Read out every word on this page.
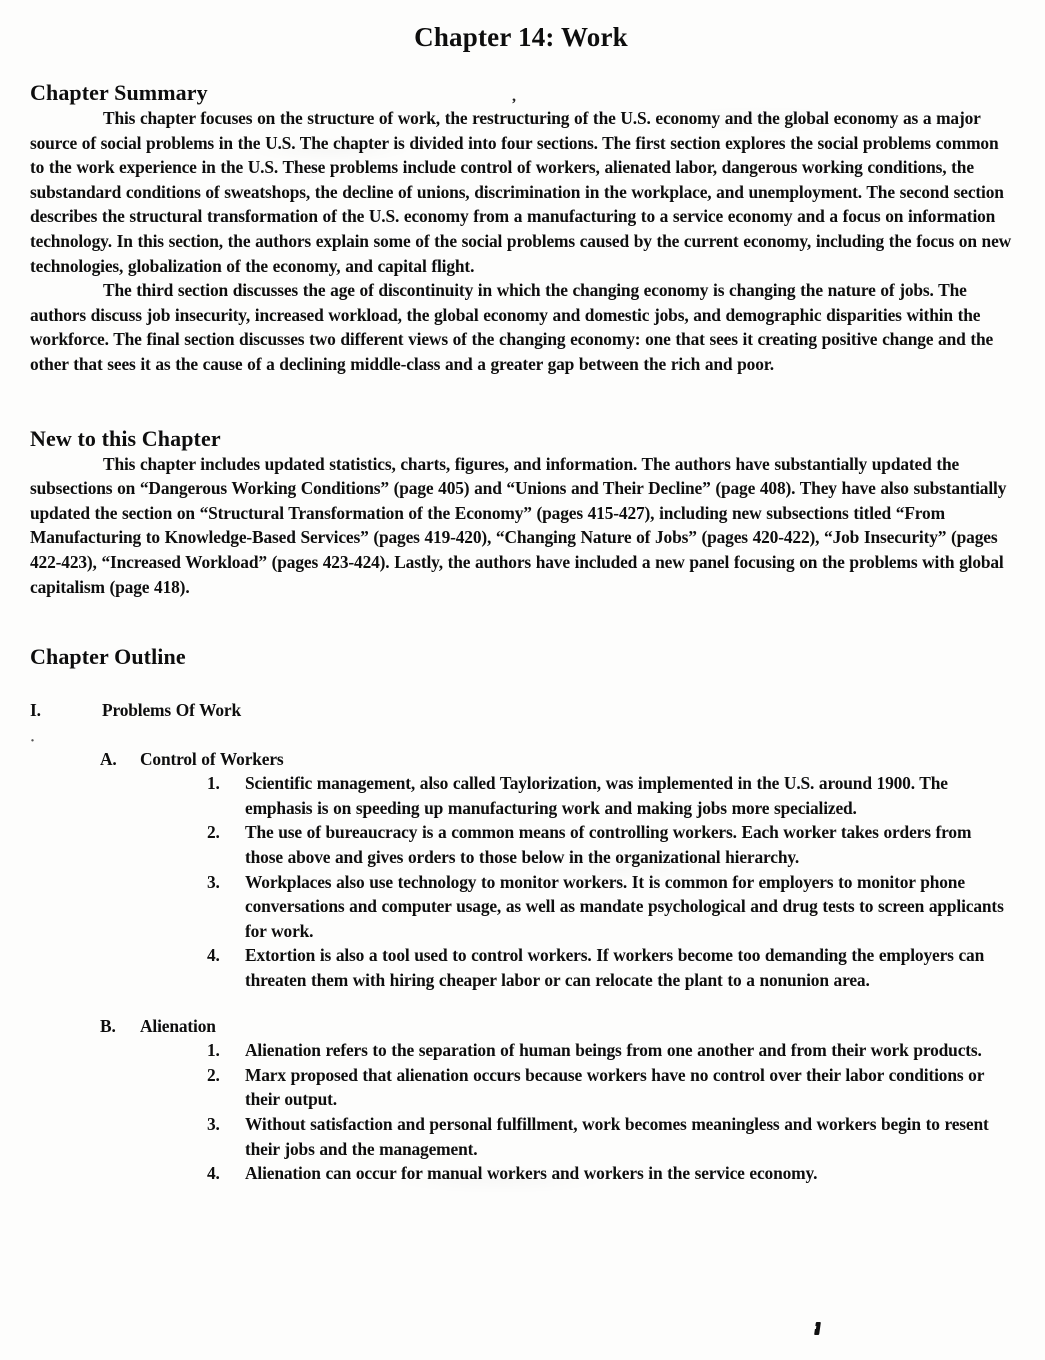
Chapter 14: Work
Chapter Summary

This chapter focuses on the structure of work, the restructuring of the U.S. economy and the global economy as a major source of social problems in the U.S. The chapter is divided into four sections. The first section explores the social problems common to the work experience in the U.S. These problems include control of workers, alienated labor, dangerous working conditions, the substandard conditions of sweatshops, the decline of unions, discrimination in the workplace, and unemployment. The second section describes the structural transformation of the U.S. economy from a manufacturing to a service economy and a focus on information technology. In this section, the authors explain some of the social problems caused by the current economy, including the focus on new technologies, globalization of the economy, and capital flight.

The third section discusses the age of discontinuity in which the changing economy is changing the nature of jobs. The authors discuss job insecurity, increased workload, the global economy and domestic jobs, and demographic disparities within the workforce. The final section discusses two different views of the changing economy: one that sees it creating positive change and the other that sees it as the cause of a declining middle-class and a greater gap between the rich and poor.

New to this Chapter

This chapter includes updated statistics, charts, figures, and information. The authors have substantially updated the subsections on “Dangerous Working Conditions” (page 405) and “Unions and Their Decline” (page 408). They have also substantially updated the section on “Structural Transformation of the Economy” (pages 415-427), including new subsections titled “From Manufacturing to Knowledge-Based Services” (pages 419-420), “Changing Nature of Jobs” (pages 420-422), “Job Insecurity” (pages 422-423), “Increased Workload” (pages 423-424). Lastly, the authors have included a new panel focusing on the problems with global capitalism (page 418).

Chapter Outline
I.	Problems Of Work
A.	Control of Workers
1.	Scientific management, also called Taylorization, was implemented in the U.S. around 1900. The emphasis is on speeding up manufacturing work and making jobs more specialized.
2.	The use of bureaucracy is a common means of controlling workers. Each worker takes orders from those above and gives orders to those below in the organizational hierarchy.
3.	Workplaces also use technology to monitor workers. It is common for employers to monitor phone conversations and computer usage, as well as mandate psychological and drug tests to screen applicants for work.
4.	Extortion is also a tool used to control workers. If workers become too demanding the employers can threaten them with hiring cheaper labor or can relocate the plant to a nonunion area.
B.	Alienation
1.	Alienation refers to the separation of human beings from one another and from their work products.
2.	Marx proposed that alienation occurs because workers have no control over their labor conditions or their output.
3.	Without satisfaction and personal fulfillment, work becomes meaningless and workers begin to resent their jobs and the management.
4.	Alienation can occur for manual workers and workers in the service economy.
,
·
